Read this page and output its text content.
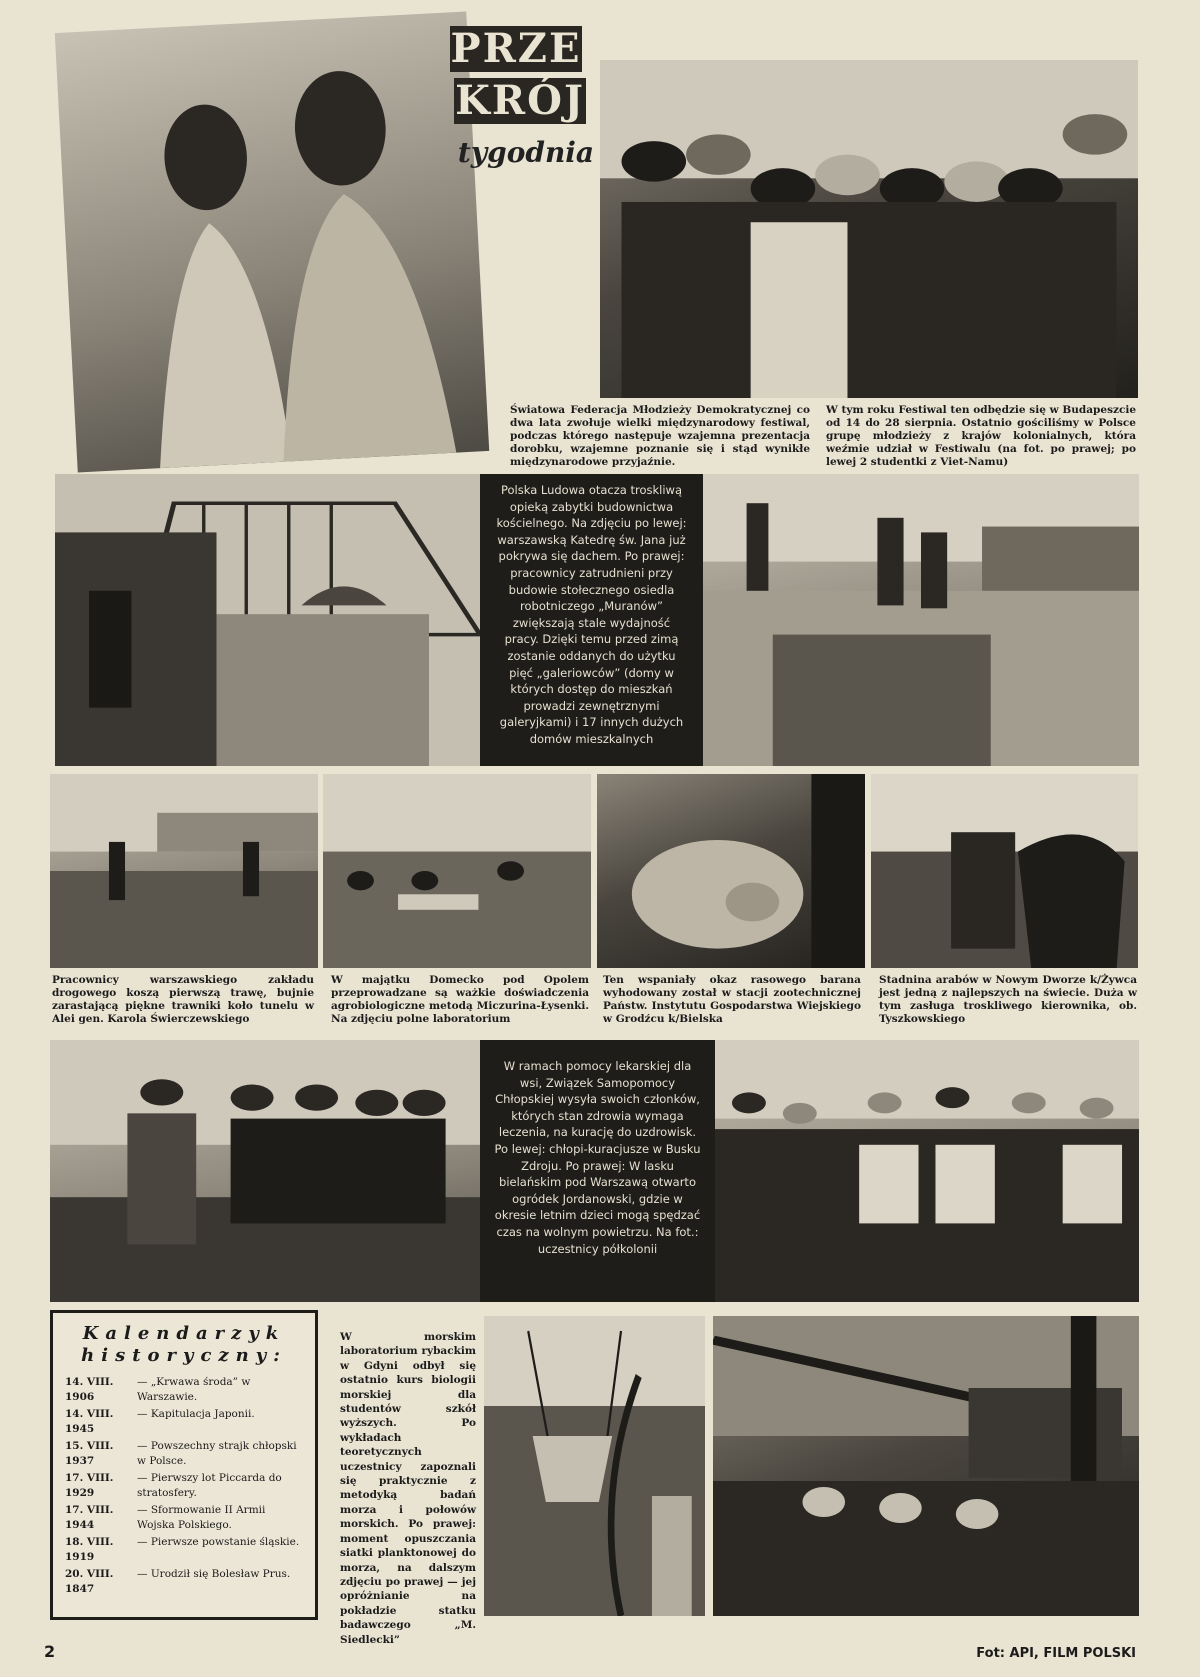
PRZE
KRÓJ
tygodnia

Światowa Federacja Młodzieży Demokratycznej co dwa lata zwołuje wielki międzynarodowy festiwal, podczas którego następuje wzajemna prezentacja dorobku, wzajemne poznanie się i stąd wynikłe międzynarodowe przyjaźnie.

W tym roku Festiwal ten odbędzie się w Budapeszcie od 14 do 28 sierpnia. Ostatnio gościliśmy w Polsce grupę młodzieży z krajów kolonialnych, która weźmie udział w Festiwalu (na fot. po prawej; po lewej 2 studentki z Viet-Namu)

Polska Ludowa otacza troskliwą opieką zabytki budownictwa kościelnego. Na zdjęciu po lewej: warszawską Katedrę św. Jana już pokrywa się dachem. Po prawej: pracownicy zatrudnieni przy budowie stołecznego osiedla robotniczego „Muranów” zwiększają stale wydajność pracy. Dzięki temu przed zimą zostanie oddanych do użytku pięć „galeriowców” (domy w których dostęp do mieszkań prowadzi zewnętrznymi galeryjkami) i 17 innych dużych domów mieszkalnych

Pracownicy warszawskiego zakładu drogowego koszą pierwszą trawę, bujnie zarastającą piękne trawniki koło tunelu w Alei gen. Karola Świerczewskiego

W majątku Domecko pod Opolem przeprowadzane są ważkie doświadczenia agrobiologiczne metodą Miczurina-Łysenki. Na zdjęciu polne laboratorium

Ten wspaniały okaz rasowego barana wyhodowany został w stacji zootechnicznej Państw. Instytutu Gospodarstwa Wiejskiego w Grodźcu k/Bielska

Stadnina arabów w Nowym Dworze k/Żywca jest jedną z najlepszych na świecie. Duża w tym zasługa troskliwego kierownika, ob. Tyszkowskiego

W ramach pomocy lekarskiej dla wsi, Związek Samopomocy Chłopskiej wysyła swoich członków, których stan zdrowia wymaga leczenia, na kurację do uzdrowisk. Po lewej: chłopi-kuracjusze w Busku Zdroju. Po prawej: W lasku bielańskim pod Warszawą otwarto ogródek Jordanowski, gdzie w okresie letnim dzieci mogą spędzać czas na wolnym powietrzu. Na fot.: uczestnicy półkolonii
Kalendarzyk
historyczny:
14. VIII. 1906
— „Krwawa środa” w Warszawie.
14. VIII. 1945
— Kapitulacja Japonii.
15. VIII. 1937
— Powszechny strajk chłopski w Polsce.
17. VIII. 1929
— Pierwszy lot Piccarda do stratosfery.
17. VIII. 1944
— Sformowanie II Armii Wojska Polskiego.
18. VIII. 1919
— Pierwsze powstanie śląskie.
20. VIII. 1847
— Urodził się Bolesław Prus.

W morskim laboratorium rybackim w Gdyni odbył się ostatnio kurs biologii morskiej dla studentów szkół wyższych. Po wykładach teoretycznych uczestnicy zapoznali się praktycznie z metodyką badań morza i połowów morskich. Po prawej: moment opuszczania siatki planktonowej do morza, na dalszym zdjęciu po prawej — jej opróżnianie na pokładzie statku badawczego „M. Siedlecki”

2	Fot: API, FILM POLSKI
